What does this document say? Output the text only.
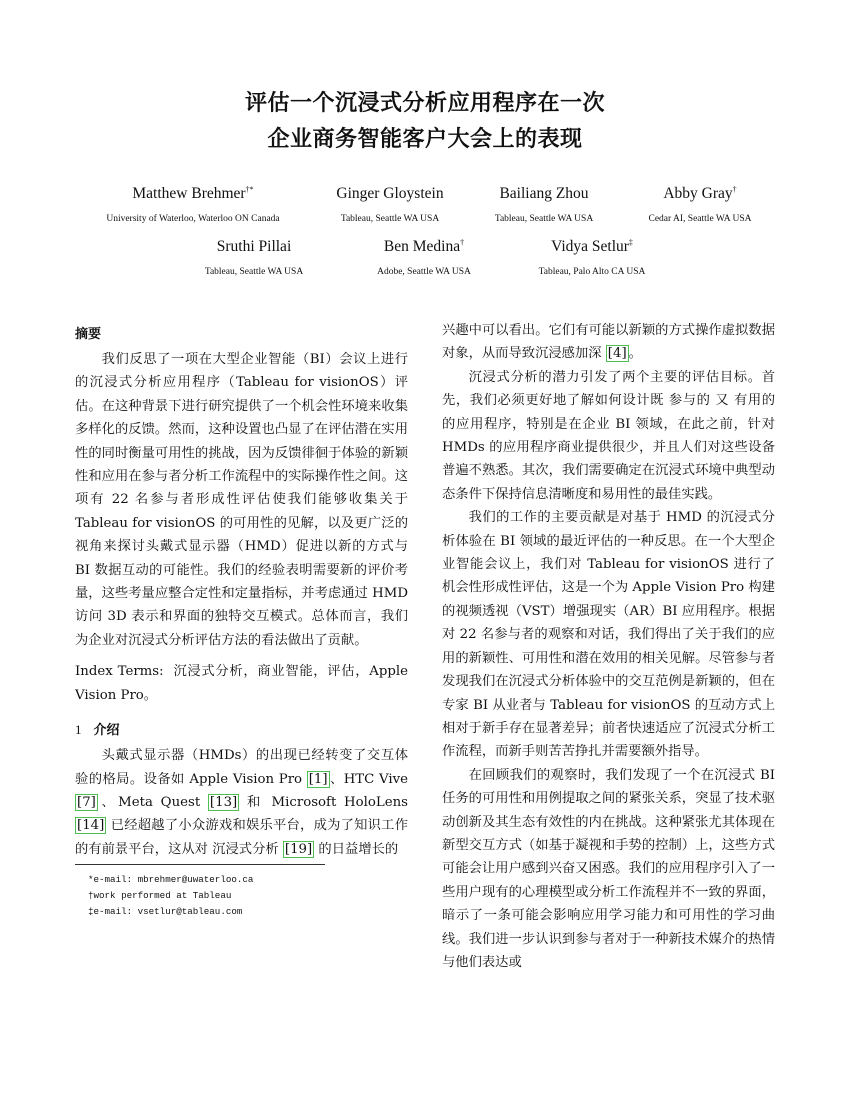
评估一个沉浸式分析应用程序在一次
企业商务智能客户大会上的表现
Matthew Brehmer†*
University of Waterloo, Waterloo ON Canada
Ginger Gloystein
Tableau, Seattle WA USA
Bailiang Zhou
Tableau, Seattle WA USA
Abby Gray†
Cedar AI, Seattle WA USA
Sruthi Pillai
Tableau, Seattle WA USA
Ben Medina†
Adobe, Seattle WA USA
Vidya Setlur‡
Tableau, Palo Alto CA USA
摘要

我们反思了一项在大型企业智能（BI）会议上进行的沉浸式分析应用程序（Tableau for visionOS）评估。在这种背景下进行研究提供了一个机会性环境来收集多样化的反馈。然而，这种设置也凸显了在评估潜在实用性的同时衡量可用性的挑战，因为反馈徘徊于体验的新颖性和应用在参与者分析工作流程中的实际操作性之间。这项有 22 名参与者形成性评估使我们能够收集关于 Tableau for visionOS 的可用性的见解，以及更广泛的视角来探讨头戴式显示器（HMD）促进以新的方式与 BI 数据互动的可能性。我们的经验表明需要新的评价考量，这些考量应整合定性和定量指标，并考虑通过 HMD 访问 3D 表示和界面的独特交互模式。总体而言，我们为企业对沉浸式分析评估方法的看法做出了贡献。

Index Terms: 沉浸式分析，商业智能，评估，Apple Vision Pro。

1 介绍

头戴式显示器（HMDs）的出现已经转变了交互体验的格局。设备如 Apple Vision Pro [1] 、HTC Vive [7] 、Meta Quest [13] 和 Microsoft HoloLens [14] 已经超越了小众游戏和娱乐平台，成为了知识工作的有前景平台，这从对 沉浸式分析 [19] 的日益增长的

*e-mail: mbrehmer@uwaterloo.ca
†work performed at Tableau
‡e-mail: vsetlur@tableau.com

兴趣中可以看出。它们有可能以新颖的方式操作虚拟数据对象，从而导致沉浸感加深 [4] 。

沉浸式分析的潜力引发了两个主要的评估目标。首先，我们必须更好地了解如何设计既 参与的 又 有用的 的应用程序，特别是在企业 BI 领域，在此之前，针对 HMDs 的应用程序商业提供很少，并且人们对这些设备普遍不熟悉。其次，我们需要确定在沉浸式环境中典型动态条件下保持信息清晰度和易用性的最佳实践。

我们的工作的主要贡献是对基于 HMD 的沉浸式分析体验在 BI 领域的最近评估的一种反思。在一个大型企业智能会议上，我们对 Tableau for visionOS 进行了机会性形成性评估，这是一个为 Apple Vision Pro 构建的视频透视（VST）增强现实（AR）BI 应用程序。根据对 22 名参与者的观察和对话，我们得出了关于我们的应用的新颖性、可用性和潜在效用的相关见解。尽管参与者发现我们在沉浸式分析体验中的交互范例是新颖的，但在专家 BI 从业者与 Tableau for visionOS 的互动方式上相对于新手存在显著差异；前者快速适应了沉浸式分析工作流程，而新手则苦苦挣扎并需要额外指导。

在回顾我们的观察时，我们发现了一个在沉浸式 BI 任务的可用性和用例提取之间的紧张关系，突显了技术驱动创新及其生态有效性的内在挑战。这种紧张尤其体现在新型交互方式（如基于凝视和手势的控制）上，这些方式可能会让用户感到兴奋又困惑。我们的应用程序引入了一些用户现有的心理模型或分析工作流程并不一致的界面，暗示了一条可能会影响应用学习能力和可用性的学习曲线。我们进一步认识到参与者对于一种新技术媒介的热情与他们表达或
